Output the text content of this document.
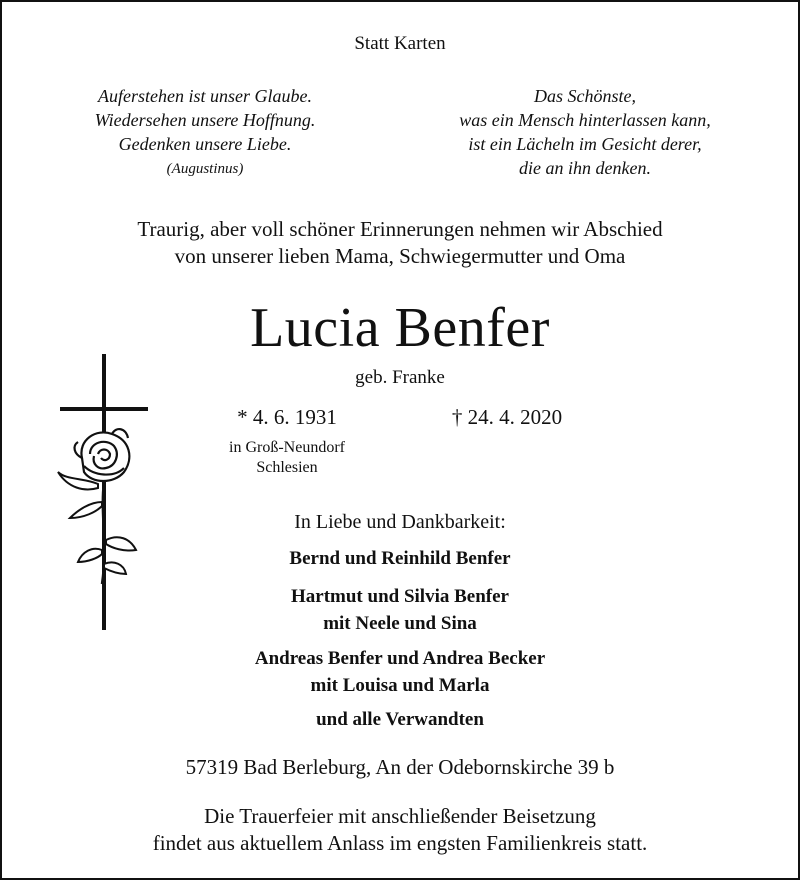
Statt Karten
Auferstehen ist unser Glaube.
Wiedersehen unsere Hoffnung.
Gedenken unsere Liebe.
(Augustinus)
Das Schönste,
was ein Mensch hinterlassen kann,
ist ein Lächeln im Gesicht derer,
die an ihn denken.
Traurig, aber voll schöner Erinnerungen nehmen wir Abschied
von unserer lieben Mama, Schwiegermutter und Oma
Lucia Benfer
geb. Franke
* 4. 6. 1931	† 24. 4. 2020
in Groß-Neundorf
Schlesien
In Liebe und Dankbarkeit:
Bernd und Reinhild Benfer
Hartmut und Silvia Benfer
mit Neele und Sina
Andreas Benfer und Andrea Becker
mit Louisa und Marla
und alle Verwandten
57319 Bad Berleburg, An der Odebornskirche 39 b
Die Trauerfeier mit anschließender Beisetzung
findet aus aktuellem Anlass im engsten Familienkreis statt.
